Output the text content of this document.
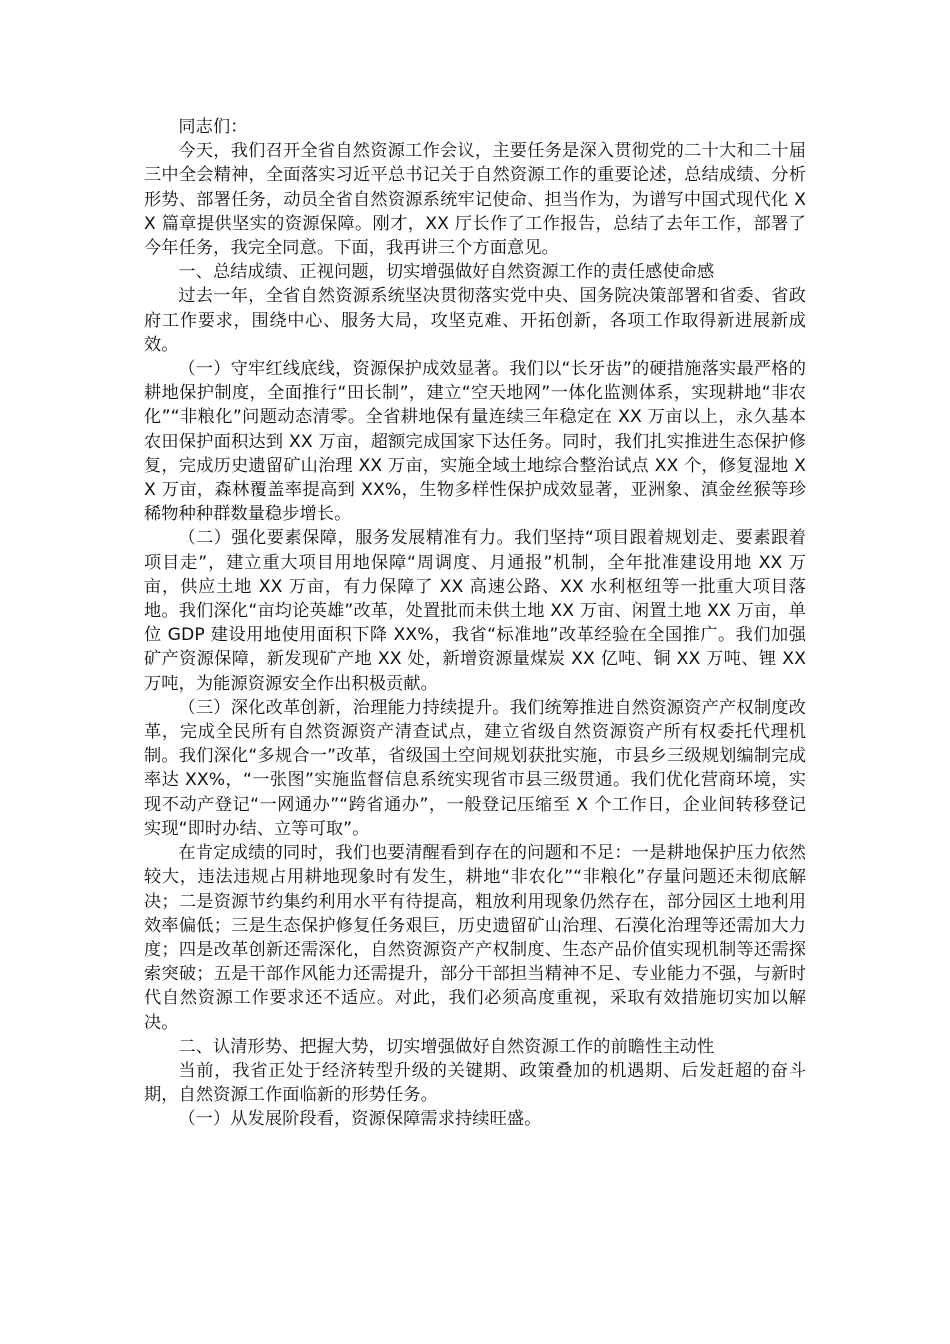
同志们：

今天，我们召开全省自然资源工作会议，主要任务是深入贯彻党的二十大和二十届三中全会精神，全面落实习近平总书记关于自然资源工作的重要论述，总结成绩、分析形势、部署任务，动员全省自然资源系统牢记使命、担当作为，为谱写中国式现代化 XX 篇章提供坚实的资源保障。刚才，XX 厅长作了工作报告，总结了去年工作，部署了今年任务，我完全同意。下面，我再讲三个方面意见。

一、总结成绩、正视问题，切实增强做好自然资源工作的责任感使命感

过去一年，全省自然资源系统坚决贯彻落实党中央、国务院决策部署和省委、省政府工作要求，围绕中心、服务大局，攻坚克难、开拓创新，各项工作取得新进展新成效。

（一）守牢红线底线，资源保护成效显著。我们以“长牙齿”的硬措施落实最严格的耕地保护制度，全面推行“田长制”，建立“空天地网”一体化监测体系，实现耕地“非农化”“非粮化”问题动态清零。全省耕地保有量连续三年稳定在 XX 万亩以上，永久基本农田保护面积达到 XX 万亩，超额完成国家下达任务。同时，我们扎实推进生态保护修复，完成历史遗留矿山治理 XX 万亩，实施全域土地综合整治试点 XX 个，修复湿地 XX 万亩，森林覆盖率提高到 XX%，生物多样性保护成效显著，亚洲象、滇金丝猴等珍稀物种种群数量稳步增长。

（二）强化要素保障，服务发展精准有力。我们坚持“项目跟着规划走、要素跟着项目走”，建立重大项目用地保障“周调度、月通报”机制，全年批准建设用地 XX 万亩，供应土地 XX 万亩，有力保障了 XX 高速公路、XX 水利枢纽等一批重大项目落地。我们深化“亩均论英雄”改革，处置批而未供土地 XX 万亩、闲置土地 XX 万亩，单位 GDP 建设用地使用面积下降 XX%，我省“标准地”改革经验在全国推广。我们加强矿产资源保障，新发现矿产地 XX 处，新增资源量煤炭 XX 亿吨、铜 XX 万吨、锂 XX 万吨，为能源资源安全作出积极贡献。

（三）深化改革创新，治理能力持续提升。我们统筹推进自然资源资产产权制度改革，完成全民所有自然资源资产清查试点，建立省级自然资源资产所有权委托代理机制。我们深化“多规合一”改革，省级国土空间规划获批实施，市县乡三级规划编制完成率达 XX%，“一张图”实施监督信息系统实现省市县三级贯通。我们优化营商环境，实现不动产登记“一网通办”“跨省通办”，一般登记压缩至 X 个工作日，企业间转移登记实现“即时办结、立等可取”。

在肯定成绩的同时，我们也要清醒看到存在的问题和不足：一是耕地保护压力依然较大，违法违规占用耕地现象时有发生，耕地“非农化”“非粮化”存量问题还未彻底解决；二是资源节约集约利用水平有待提高，粗放利用现象仍然存在，部分园区土地利用效率偏低；三是生态保护修复任务艰巨，历史遗留矿山治理、石漠化治理等还需加大力度；四是改革创新还需深化，自然资源资产产权制度、生态产品价值实现机制等还需探索突破；五是干部作风能力还需提升，部分干部担当精神不足、专业能力不强，与新时代自然资源工作要求还不适应。对此，我们必须高度重视，采取有效措施切实加以解决。

二、认清形势、把握大势，切实增强做好自然资源工作的前瞻性主动性

当前，我省正处于经济转型升级的关键期、政策叠加的机遇期、后发赶超的奋斗期，自然资源工作面临新的形势任务。

（一）从发展阶段看，资源保障需求持续旺盛。
